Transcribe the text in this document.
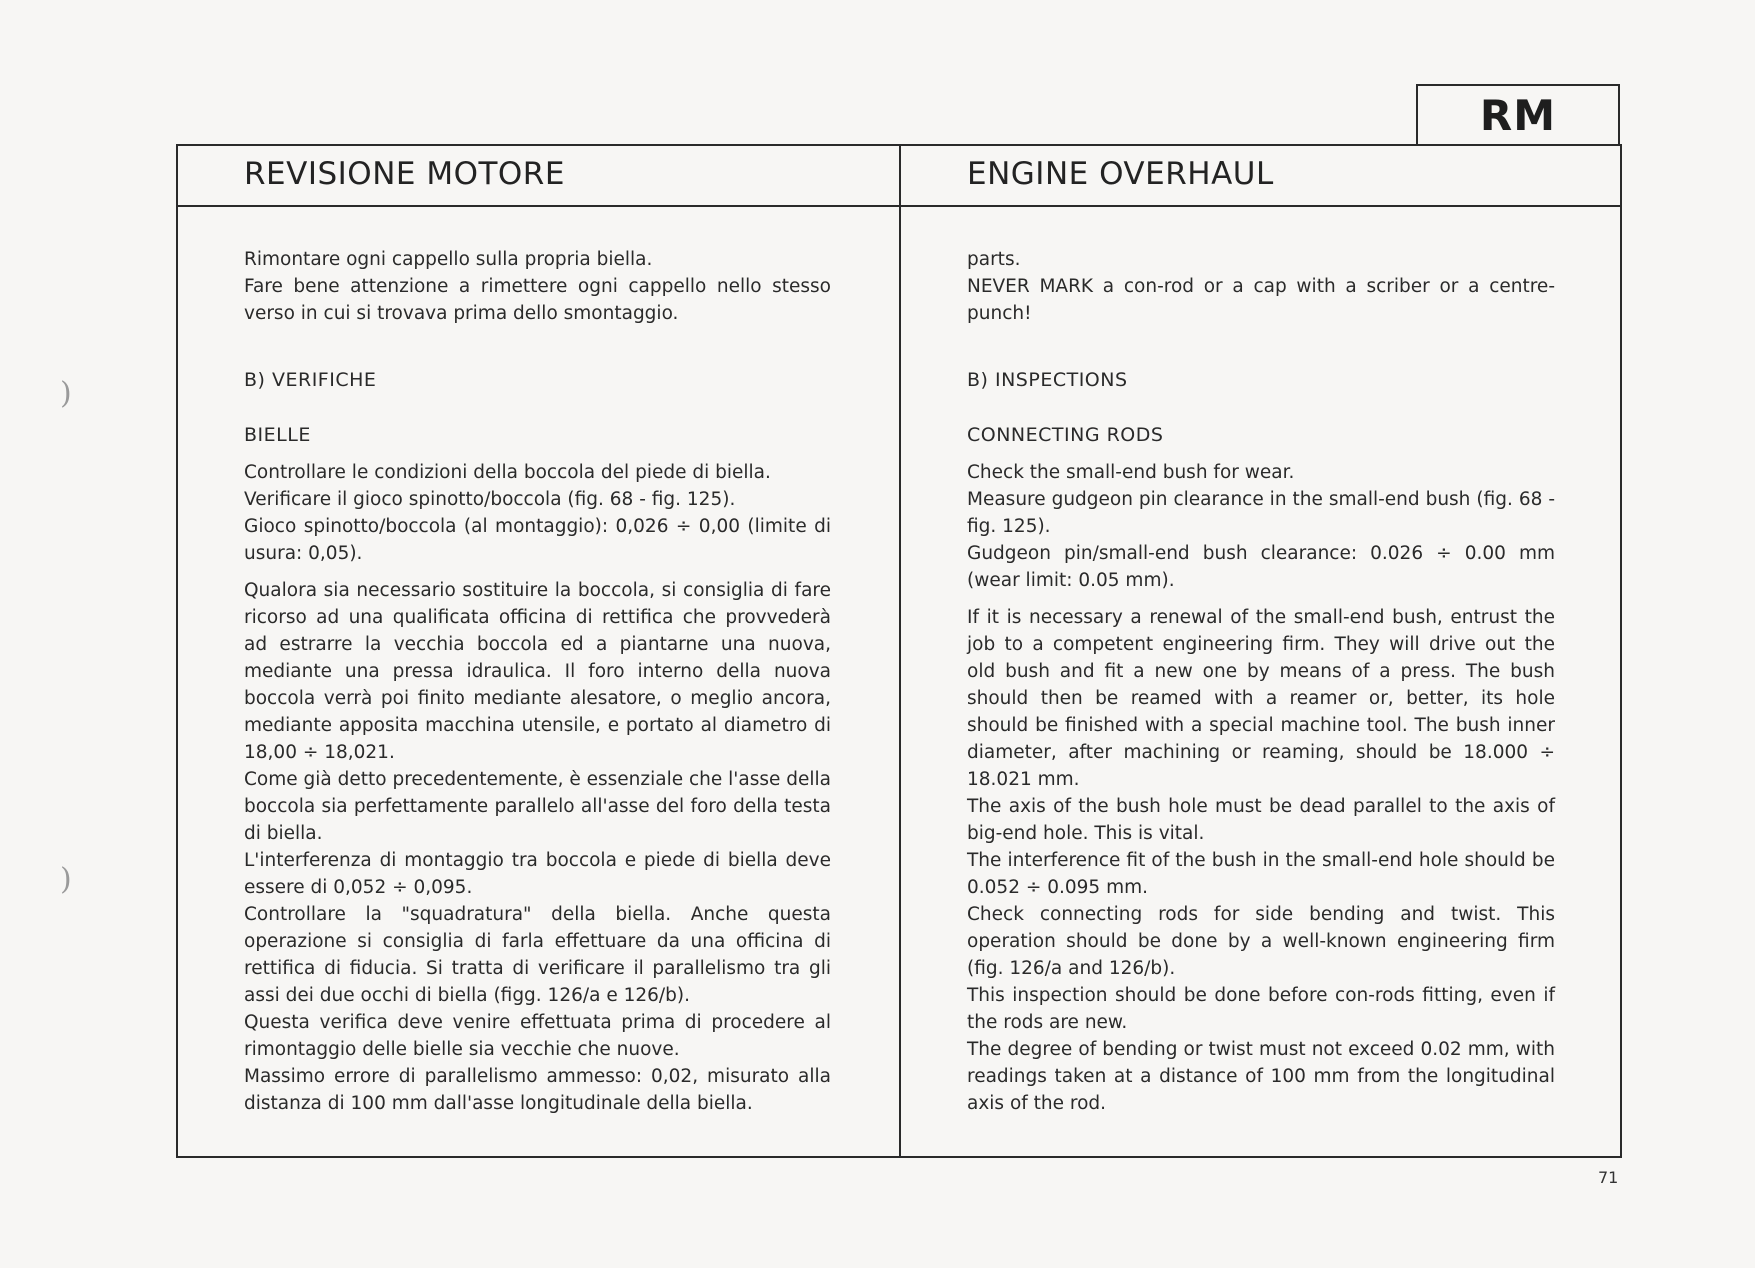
)
)
RM
REVISIONE MOTORE	ENGINE OVERHAUL

Rimontare ogni cappello sulla propria biella.

Fare bene attenzione a rimettere ogni cappello nello stesso verso in cui si trovava prima dello smontaggio.

B) VERIFICHE

BIELLE

Controllare le condizioni della boccola del piede di biella.

Verificare il gioco spinotto/boccola (fig. 68 - fig. 125).

Gioco spinotto/boccola (al montaggio): 0,026 ÷ 0,00 (limite di usura: 0,05).

Qualora sia necessario sostituire la boccola, si consiglia di fare ricorso ad una qualificata officina di rettifica che provvederà ad estrarre la vecchia boccola ed a piantarne una nuova, mediante una pressa idraulica. Il foro interno della nuova boccola verrà poi finito mediante alesatore, o meglio ancora, mediante apposita macchina utensile, e portato al diametro di 18,00 ÷ 18,021.

Come già detto precedentemente, è essenziale che l'asse della boccola sia perfettamente parallelo all'asse del foro della testa di biella.

L'interferenza di montaggio tra boccola e piede di biella deve essere di 0,052 ÷ 0,095.

Controllare la "squadratura" della biella. Anche questa operazione si consiglia di farla effettuare da una officina di rettifica di fiducia. Si tratta di verificare il parallelismo tra gli assi dei due occhi di biella (figg. 126/a e 126/b).

Questa verifica deve venire effettuata prima di procedere al rimontaggio delle bielle sia vecchie che nuove.

Massimo errore di parallelismo ammesso: 0,02, misurato alla distanza di 100 mm dall'asse longitudinale della biella.

parts.

NEVER MARK a con-rod or a cap with a scriber or a centre-punch!

B) INSPECTIONS

CONNECTING RODS

Check the small-end bush for wear.

Measure gudgeon pin clearance in the small-end bush (fig. 68 - fig. 125).

Gudgeon pin/small-end bush clearance: 0.026 ÷ 0.00 mm (wear limit: 0.05 mm).

If it is necessary a renewal of the small-end bush, entrust the job to a competent engineering firm. They will drive out the old bush and fit a new one by means of a press. The bush should then be reamed with a reamer or, better, its hole should be finished with a special machine tool. The bush inner diameter, after machining or reaming, should be 18.000 ÷ 18.021 mm.

The axis of the bush hole must be dead parallel to the axis of big-end hole. This is vital.

The interference fit of the bush in the small-end hole should be 0.052 ÷ 0.095 mm.

Check connecting rods for side bending and twist. This operation should be done by a well-known engineering firm (fig. 126/a and 126/b).

This inspection should be done before con-rods fitting, even if the rods are new.

The degree of bending or twist must not exceed 0.02 mm, with readings taken at a distance of 100 mm from the longitudinal axis of the rod.

71
